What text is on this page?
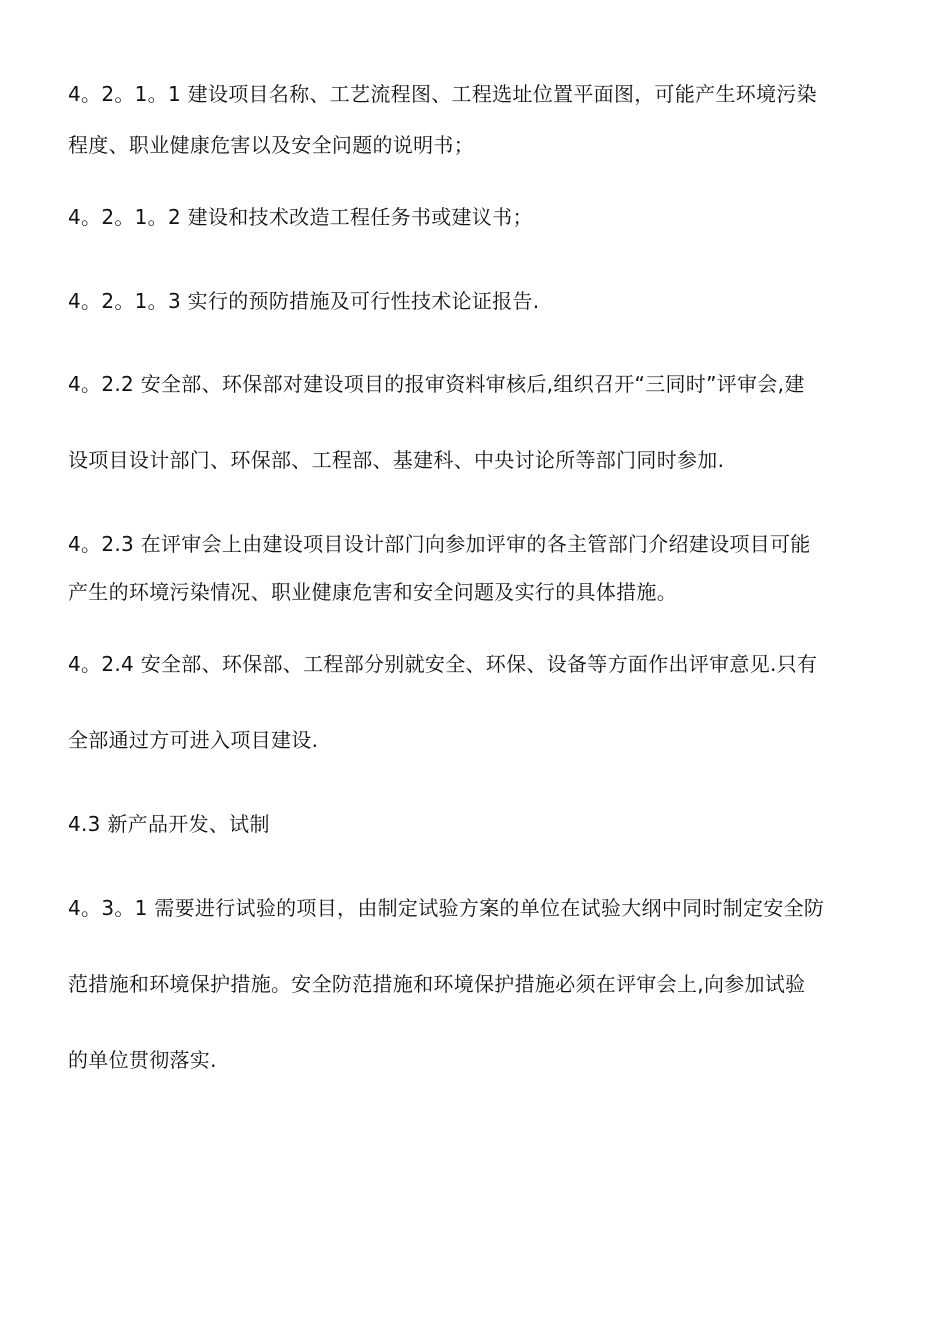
4。2。1。1 建设项目名称、工艺流程图、工程选址位置平面图，可能产生环境污染
程度、职业健康危害以及安全问题的说明书；
4。2。1。2 建设和技术改造工程任务书或建议书；
4。2。1。3 实行的预防措施及可行性技术论证报告.
4。2.2 安全部、环保部对建设项目的报审资料审核后,组织召开“三同时”评审会,建
设项目设计部门、环保部、工程部、基建科、中央讨论所等部门同时参加.
4。2.3 在评审会上由建设项目设计部门向参加评审的各主管部门介绍建设项目可能
产生的环境污染情况、职业健康危害和安全问题及实行的具体措施。
4。2.4 安全部、环保部、工程部分别就安全、环保、设备等方面作出评审意见.只有
全部通过方可进入项目建设.
4.3 新产品开发、试制
4。3。1 需要进行试验的项目，由制定试验方案的单位在试验大纲中同时制定安全防
范措施和环境保护措施。安全防范措施和环境保护措施必须在评审会上,向参加试验
的单位贯彻落实.
